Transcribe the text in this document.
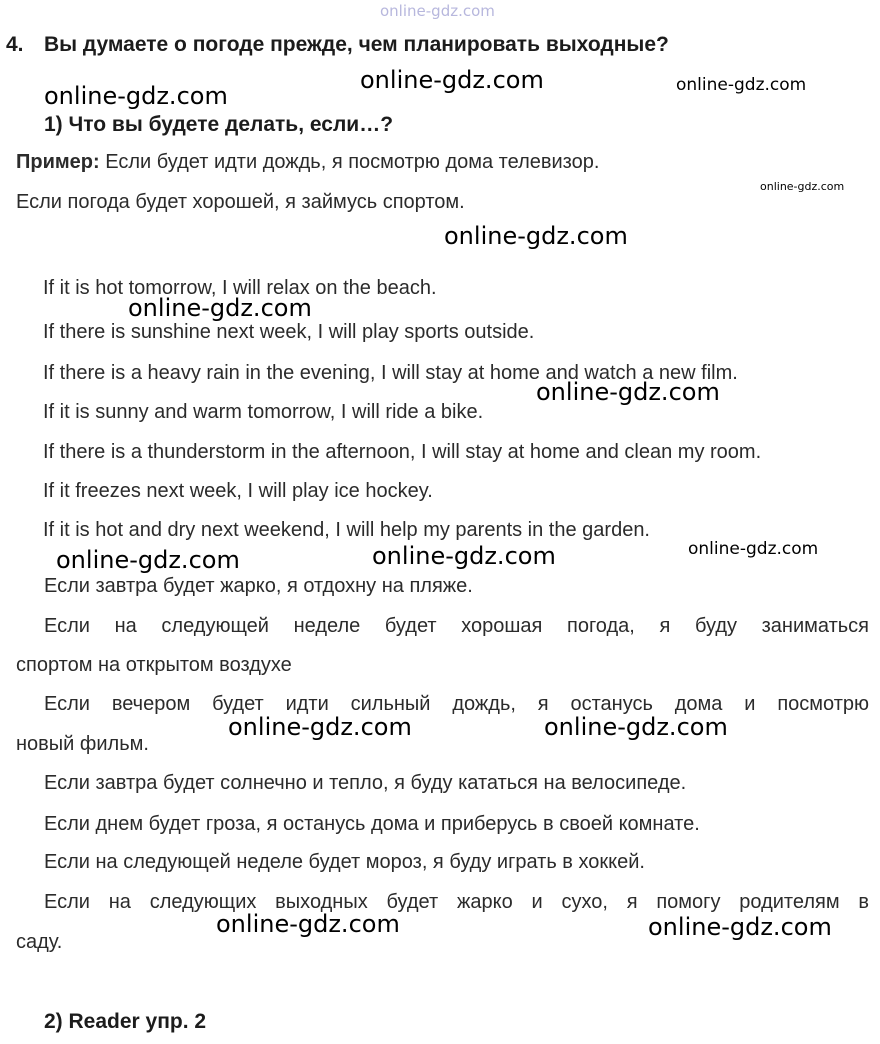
online-gdz.com
4. Вы думаете о погоде прежде, чем планировать выходные?
online-gdz.com	online-gdz.com
online-gdz.com
1) Что вы будете делать, если…?
Пример: Если будет идти дождь, я посмотрю дома телевизор.
online-gdz.com
Если погода будет хорошей, я займусь спортом.
online-gdz.com
If it is hot tomorrow, I will relax on the beach.
online-gdz.com
If there is sunshine next week, I will play sports outside.
If there is a heavy rain in the evening, I will stay at home and watch a new film.
online-gdz.com
If it is sunny and warm tomorrow, I will ride a bike.
If there is a thunderstorm in the afternoon, I will stay at home and clean my room.
If it freezes next week, I will play ice hockey.
If it is hot and dry next weekend, I will help my parents in the garden.
online-gdz.com
online-gdz.com	online-gdz.com
Если завтра будет жарко, я отдохну на пляже.
Если на следующей неделе будет хорошая погода, я буду заниматься
спортом на открытом воздухе
Если вечером будет идти сильный дождь, я останусь дома и посмотрю
новый фильм.
online-gdz.com	online-gdz.com
Если завтра будет солнечно и тепло, я буду кататься на велосипеде.
Если днем будет гроза, я останусь дома и приберусь в своей комнате.
Если на следующей неделе будет мороз, я буду играть в хоккей.
Если на следующих выходных будет жарко и сухо, я помогу родителям в
online-gdz.com	online-gdz.com
саду.
2) Reader упр. 2
